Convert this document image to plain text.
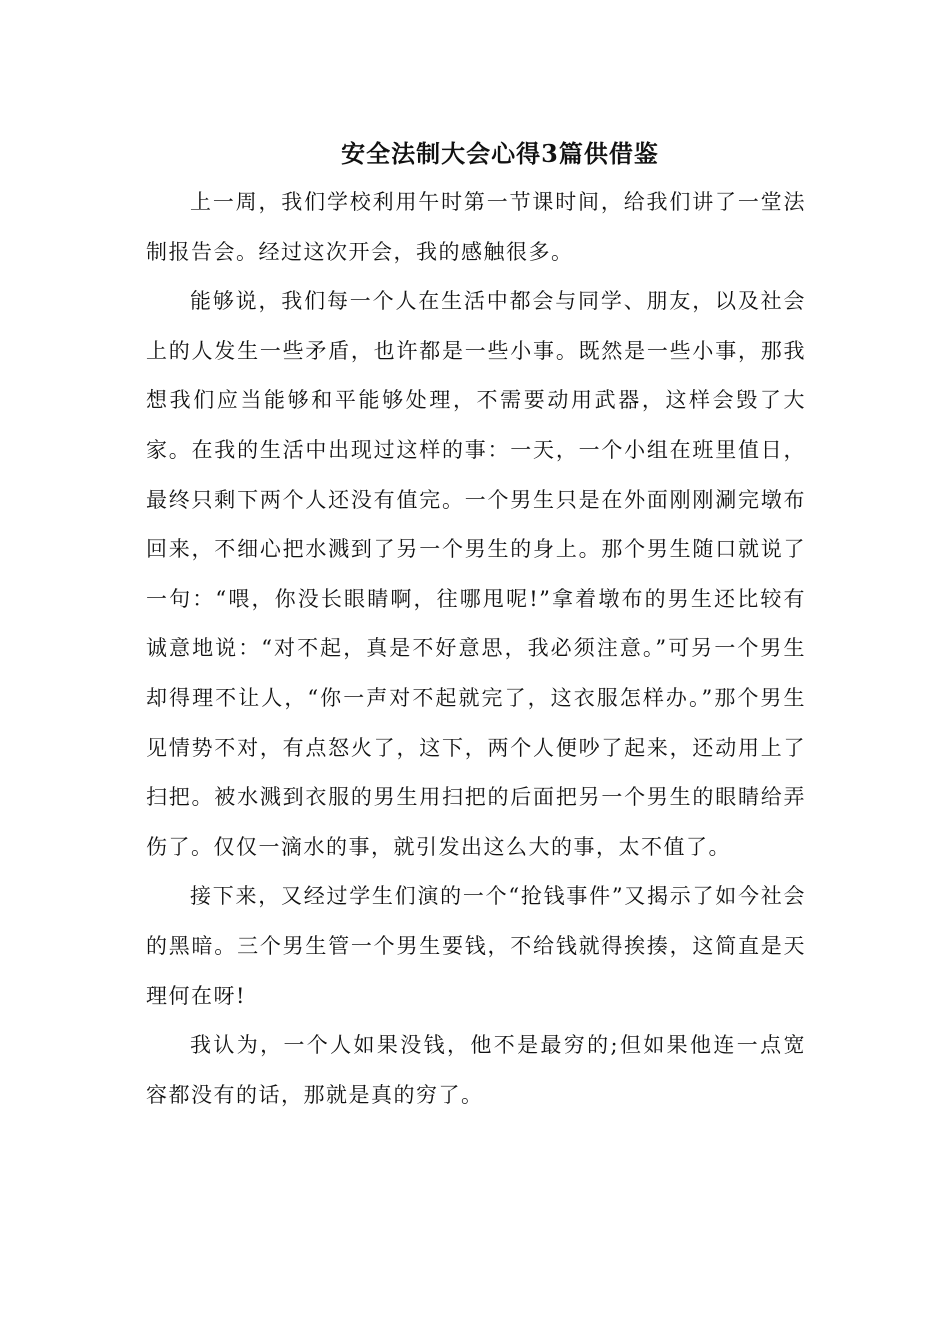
安全法制大会心得3篇供借鉴

上一周，我们学校利用午时第一节课时间，给我们讲了一堂法制报告会。经过这次开会，我的感触很多。

能够说，我们每一个人在生活中都会与同学、朋友，以及社会上的人发生一些矛盾，也许都是一些小事。既然是一些小事，那我想我们应当能够和平能够处理，不需要动用武器，这样会毁了大家。在我的生活中出现过这样的事：一天，一个小组在班里值日，最终只剩下两个人还没有值完。一个男生只是在外面刚刚涮完墩布回来，不细心把水溅到了另一个男生的身上。那个男生随口就说了一句：“喂，你没长眼睛啊，往哪甩呢!”拿着墩布的男生还比较有诚意地说：“对不起，真是不好意思，我必须注意。”可另一个男生却得理不让人，“你一声对不起就完了，这衣服怎样办。”那个男生见情势不对，有点怒火了，这下，两个人便吵了起来，还动用上了扫把。被水溅到衣服的男生用扫把的后面把另一个男生的眼睛给弄伤了。仅仅一滴水的事，就引发出这么大的事，太不值了。

接下来，又经过学生们演的一个“抢钱事件”又揭示了如今社会的黑暗。三个男生管一个男生要钱，不给钱就得挨揍，这简直是天理何在呀!

我认为，一个人如果没钱，他不是最穷的;但如果他连一点宽容都没有的话，那就是真的穷了。
